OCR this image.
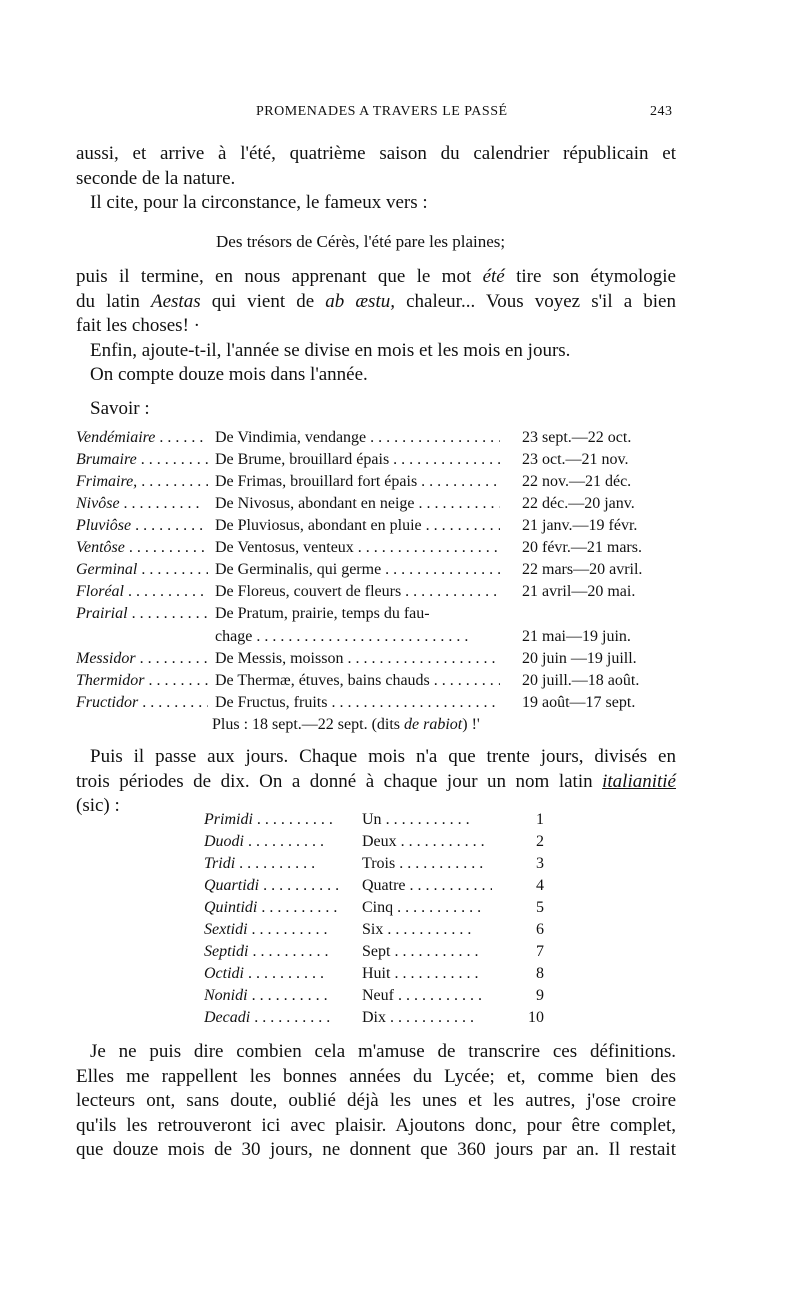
PROMENADES A TRAVERS LE PASSÉ	243
aussi, et arrive à l'été, quatrième saison du calendrier républicain et
seconde de la nature.
Il cite, pour la circonstance, le fameux vers :
Des trésors de Cérès, l'été pare les plaines;
puis il termine, en nous apprenant que le mot été tire son étymologie
du latin Aestas qui vient de ab æstu, chaleur... Vous voyez s'il a bien
fait les choses! ·
Enfin, ajoute-t-il, l'année se divise en mois et les mois en jours.
On compte douze mois dans l'année.
Savoir :
Vendémiaire . . .	De Vindimia, vendange . . .	23 sept.—22 oct.
Brumaire . . .	De Brume, brouillard épais . . .	23 oct.—21 nov.
Frimaire, . . .	De Frimas, brouillard fort épais . . .	22 nov.—21 déc.
Nivôse . . .	De Nivosus, abondant en neige . . .	22 déc.—20 janv.
Pluviôse . . .	De Pluviosus, abondant en pluie . . .	21 janv.—19 févr.
Ventôse . . .	De Ventosus, venteux . . .	20 févr.—21 mars.
Germinal . . .	De Germinalis, qui germe . . .	22 mars—20 avril.
Floréal . . .	De Floreus, couvert de fleurs . . .	21 avril—20 mai.
Prairial . . .	De Pratum, prairie, temps du fau-
chage . . .	21 mai—19 juin.
Messidor . . .	De Messis, moisson . . .	20 juin —19 juill.
Thermidor . . .	De Thermæ, étuves, bains chauds . . .	20 juill.—18 août.
Fructidor . . .	De Fructus, fruits . . .	19 août—17 sept.
Plus : 18 sept.—22 sept. (dits de rabiot) !'
Puis il passe aux jours. Chaque mois n'a que trente jours, divisés en
trois périodes de dix. On a donné à chaque jour un nom latin italianitié
(sic) :
Primidi . . .	Un . . .	1
Duodi . . .	Deux . . .	2
Tridi . . .	Trois . . .	3
Quartidi . . .	Quatre . . .	4
Quintidi . . .	Cinq . . .	5
Sextidi . . .	Six . . .	6
Septidi . . .	Sept . . .	7
Octidi . . .	Huit . . .	8
Nonidi . . .	Neuf . . .	9
Decadi . . .	Dix . . .	10
Je ne puis dire combien cela m'amuse de transcrire ces définitions.
Elles me rappellent les bonnes années du Lycée; et, comme bien des
lecteurs ont, sans doute, oublié déjà les unes et les autres, j'ose croire
qu'ils les retrouveront ici avec plaisir. Ajoutons donc, pour être complet,
que douze mois de 30 jours, ne donnent que 360 jours par an. Il restait
